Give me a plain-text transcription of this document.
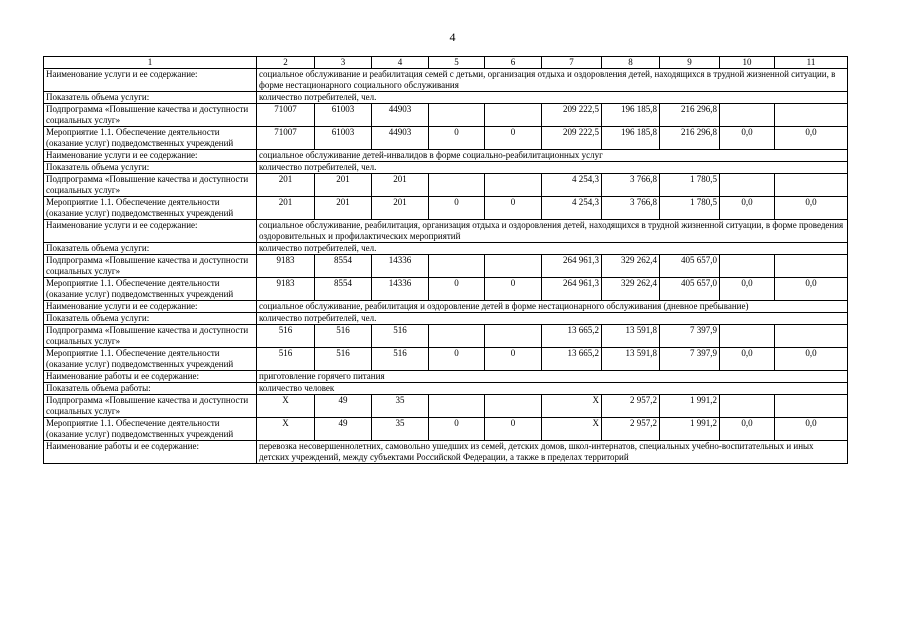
4
1	2	3	4	5	6	7	8	9	10	11
Наименование услуги и ее содержание:	социальное обслуживание и реабилитация семей с детьми, организация отдыха и оздоровления детей, находящихся в трудной жизненной ситуации, в форме нестационарного социального обслуживания									
Показатель объема услуги:	количество потребителей, чел.									
Подпрограмма «Повышение качества и доступности социальных услуг»	71007	61003	44903			209 222,5	196 185,8	216 296,8		
Мероприятие 1.1. Обеспечение деятельности (оказание услуг) подведомственных учреждений	71007	61003	44903	0	0	209 222,5	196 185,8	216 296,8	0,0	0,0
Наименование услуги и ее содержание:	социальное обслуживание детей-инвалидов в форме социально-реабилитационных услуг									
Показатель объема услуги:	количество потребителей, чел.									
Подпрограмма «Повышение качества и доступности социальных услуг»	201	201	201			4 254,3	3 766,8	1 780,5		
Мероприятие 1.1. Обеспечение деятельности (оказание услуг) подведомственных учреждений	201	201	201	0	0	4 254,3	3 766,8	1 780,5	0,0	0,0
Наименование услуги и ее содержание:	социальное обслуживание, реабилитация, организация отдыха и оздоровления детей, находящихся в трудной жизненной ситуации, в форме проведения оздоровительных и профилактических мероприятий									
Показатель объема услуги:	количество потребителей, чел.									
Подпрограмма «Повышение качества и доступности социальных услуг»	9183	8554	14336			264 961,3	329 262,4	405 657,0		
Мероприятие 1.1. Обеспечение деятельности (оказание услуг) подведомственных учреждений	9183	8554	14336	0	0	264 961,3	329 262,4	405 657,0	0,0	0,0
Наименование услуги и ее содержание:	социальное обслуживание, реабилитация и оздоровление детей в форме нестационарного обслуживания (дневное пребывание)									
Показатель объема услуги:	количество потребителей, чел.									
Подпрограмма «Повышение качества и доступности социальных услуг»	516	516	516			13 665,2	13 591,8	7 397,9		
Мероприятие 1.1. Обеспечение деятельности (оказание услуг) подведомственных учреждений	516	516	516	0	0	13 665,2	13 591,8	7 397,9	0,0	0,0
Наименование работы и ее содержание:	приготовление горячего питания									
Показатель объема работы:	количество человек									
Подпрограмма «Повышение качества и доступности социальных услуг»	X	49	35			X	2 957,2	1 991,2		
Мероприятие 1.1. Обеспечение деятельности (оказание услуг) подведомственных учреждений	X	49	35	0	0	X	2 957,2	1 991,2	0,0	0,0
Наименование работы и ее содержание:	перевозка несовершеннолетних, самовольно ушедших из семей, детских домов, школ-интернатов, специальных учебно-воспитательных и иных детских учреждений, между субъектами Российской Федерации, а также в пределах территорий									
